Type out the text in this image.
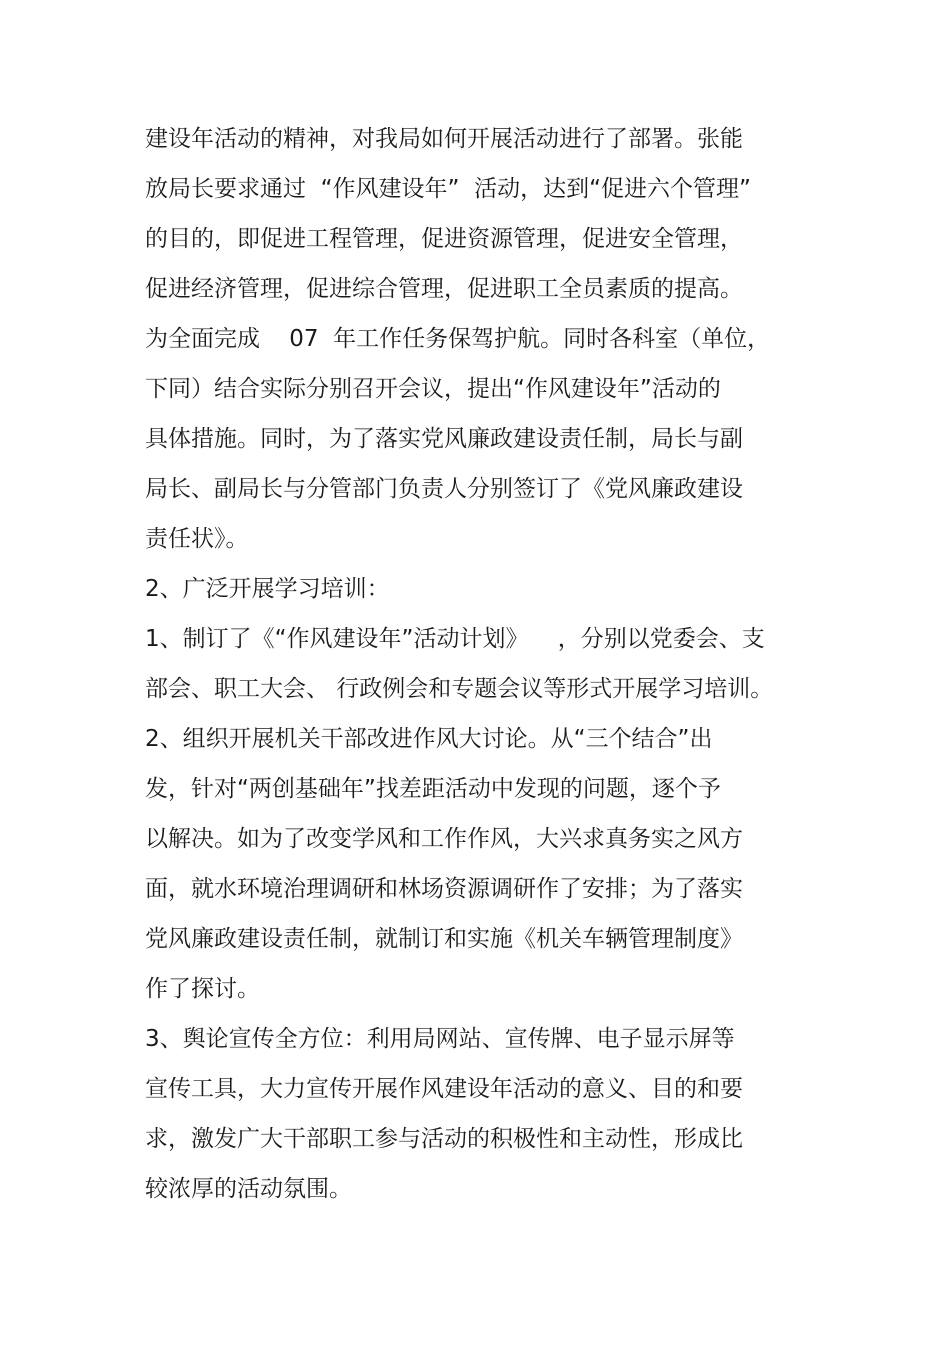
建设年活动的精神，对我局如何开展活动进行了部署。张能

放局长要求通过  “作风建设年”  活动，达到“促进六个管理”

的目的，即促进工程管理，促进资源管理，促进安全管理，

促进经济管理，促进综合管理，促进职工全员素质的提高。

为全面完成    07  年工作任务保驾护航。同时各科室（单位，

下同）结合实际分别召开会议，提出“作风建设年”活动的

具体措施。同时，为了落实党风廉政建设责任制，局长与副

局长、副局长与分管部门负责人分别签订了《党风廉政建设

责任状》。

2、广泛开展学习培训：

1、制订了《“作风建设年”活动计划》    ，分别以党委会、支

部会、职工大会、 行政例会和专题会议等形式开展学习培训。

2、组织开展机关干部改进作风大讨论。从“三个结合”出

发，针对“两创基础年”找差距活动中发现的问题，逐个予

以解决。如为了改变学风和工作作风，大兴求真务实之风方

面，就水环境治理调研和林场资源调研作了安排；为了落实

党风廉政建设责任制，就制订和实施《机关车辆管理制度》

作了探讨。

3、舆论宣传全方位：利用局网站、宣传牌、电子显示屏等

宣传工具，大力宣传开展作风建设年活动的意义、目的和要

求，激发广大干部职工参与活动的积极性和主动性，形成比

较浓厚的活动氛围。
